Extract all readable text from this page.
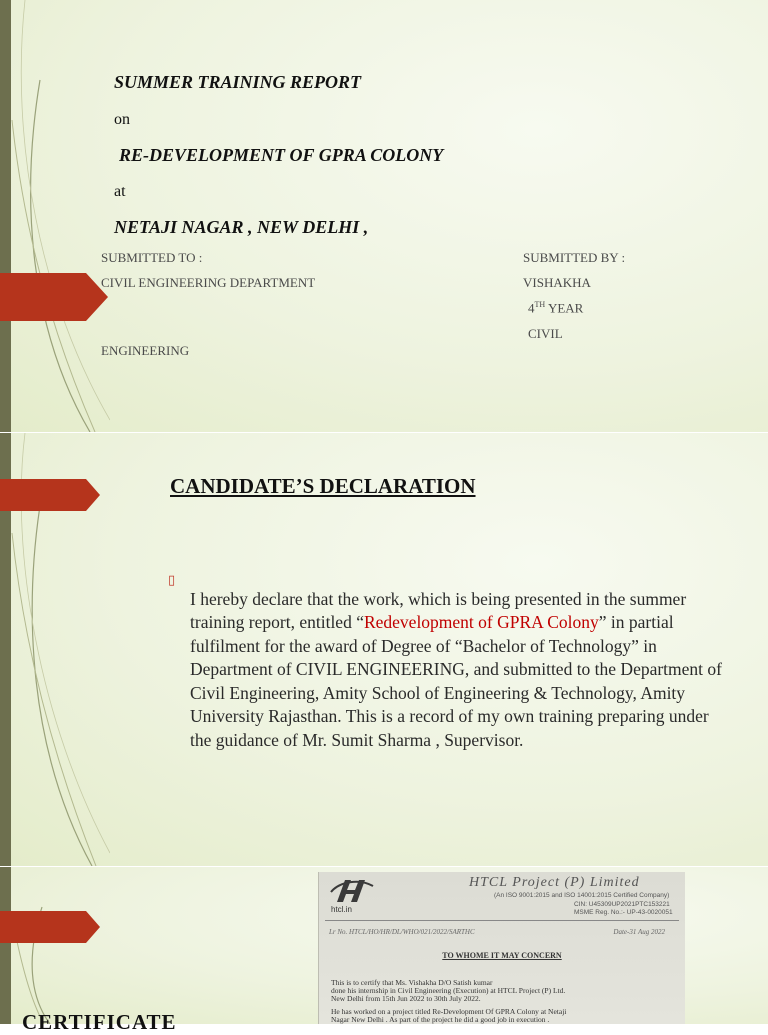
SUMMER TRAINING REPORT

on

RE-DEVELOPMENT OF GPRA COLONY

at

NETAJI NAGAR , NEW DELHI ,

SUBMITTED TO :

CIVIL ENGINEERING DEPARTMENT

ENGINEERING

SUBMITTED BY :

VISHAKHA

4TH YEAR

CIVIL

CANDIDATE’S DECLARATION

▯

I hereby declare that the work, which is being presented in the summer training report, entitled “Redevelopment of GPRA Colony” in partial fulfilment for the award of Degree of “Bachelor of Technology” in Department of CIVIL ENGINEERING, and submitted to the Department of Civil Engineering, Amity School of Engineering & Technology, Amity University Rajasthan. This is a record of my own training preparing under the guidance of Mr. Sumit Sharma , Supervisor.

htcl.in
HTCL Project (P) Limited
(An ISO 9001:2015 and ISO 14001:2015 Certified Company)
CIN: U45309UP2021PTC153221
MSME Reg. No.:- UP-43-0020051
Lr No. HTCL/HO/HR/DL/WHO/021/2022/SARTHC	Date-31 Aug 2022
TO WHOME IT MAY CONCERN
This is to certify that Ms. Vishakha D/O Satish kumar
done his internship in Civil Engineering (Execution) at HTCL Project (P) Ltd.
New Delhi from 15th Jun 2022 to 30th July 2022.
He has worked on a project titled Re-Development Of GPRA Colony at Netaji
Nagar New Delhi . As part of the project he did a good job in execution .

CERTIFICATE
